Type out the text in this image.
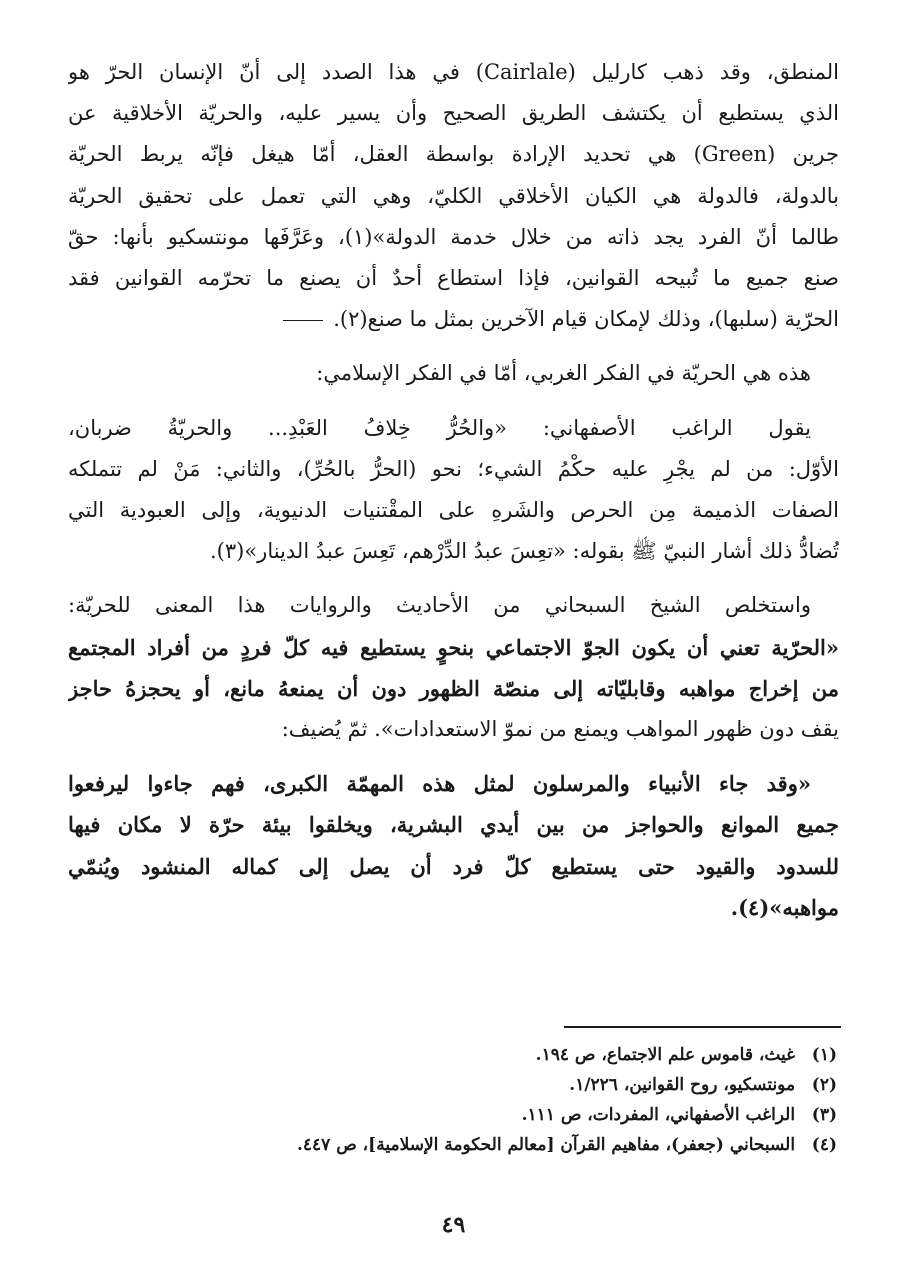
المنطق، وقد ذهب كارليل (Cairlale) في هذا الصدد إلى أنّ الإنسان الحرّ هو
الذي يستطيع أن يكتشف الطريق الصحيح وأن يسير عليه، والحريّة الأخلاقية عن
جرين (Green) هي تحديد الإرادة بواسطة العقل، أمّا هيغل فإنّه يربط الحريّة
بالدولة، فالدولة هي الكيان الأخلاقي الكليّ، وهي التي تعمل على تحقيق الحريّة
طالما أنّ الفرد يجد ذاته من خلال خدمة الدولة»(١)، وعَرَّفَها مونتسكيو بأنها: حقّ
صنع جميع ما تُبيحه القوانين، فإذا استطاع أحدٌ أن يصنع ما تحرّمه القوانين فقد
الحرّية (سلبها)، وذلك لإمكان قيام الآخرين بمثل ما صنع(٢).

هذه هي الحريّة في الفكر الغربي، أمّا في الفكر الإسلامي:

يقول الراغب الأصفهاني: «والحُرُّ خِلافُ العَبْدِ... والحريّةُ ضربان،
الأوّل: من لم يجْرِ عليه حكْمُ الشيء؛ نحو (الحرُّ بالحُرِّ)، والثاني: مَنْ لم تتملكه
الصفات الذميمة مِن الحرص والشَرهِ على المقْتنيات الدنيوية، وإلى العبودية التي
تُضادُّ ذلك أشار النبيّ ﷺ بقوله: «تعِسَ عبدُ الدِّرْهم، تَعِسَ عبدُ الدينار»(٣).

واستخلص الشيخ السبحاني من الأحاديث والروايات هذا المعنى للحريّة:
«الحرّية تعني أن يكون الجوّ الاجتماعي بنحوٍ يستطيع فيه كلّ فردٍ من أفراد المجتمع
من إخراج مواهبه وقابليّاته إلى منصّة الظهور دون أن يمنعهُ مانع، أو يحجزهُ حاجز
يقف دون ظهور المواهب ويمنع من نموّ الاستعدادات». ثمّ يُضيف:

«وقد جاء الأنبياء والمرسلون لمثل هذه المهمّة الكبرى، فهم جاءوا ليرفعوا
جميع الموانع والحواجز من بين أيدي البشرية، ويخلقوا بيئة حرّة لا مكان فيها
للسدود والقيود حتى يستطيع كلّ فرد أن يصل إلى كماله المنشود ويُنمّي
مواهبه»(٤).

(١) غيث، قاموس علم الاجتماع، ص ١٩٤.
(٢) مونتسكيو، روح القوانين، ١/٢٢٦.
(٣) الراغب الأصفهاني، المفردات، ص ١١١.
(٤) السبحاني (جعفر)، مفاهيم القرآن [معالم الحكومة الإسلامية]، ص ٤٤٧.
٤٩
